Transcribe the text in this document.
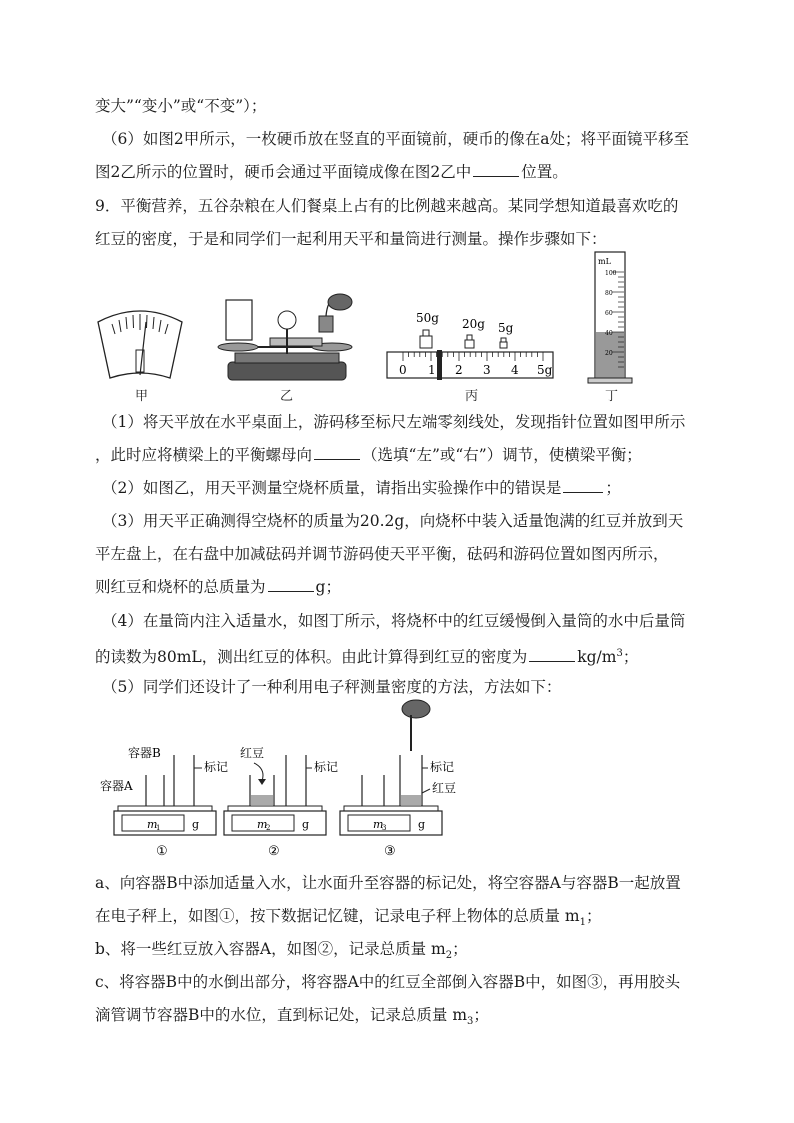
变大”“变小”或“不变”）；
（6）如图2甲所示，一枚硬币放在竖直的平面镜前，硬币的像在a处；将平面镜平移至
图2乙所示的位置时，硬币会通过平面镜成像在图2乙中	位置。
9．平衡营养，五谷杂粮在人们餐桌上占有的比例越来越高。某同学想知道最喜欢吃的
红豆的密度，于是和同学们一起利用天平和量筒进行测量。操作步骤如下：
甲	乙
50g 20g 5g
0 1 2 3 4 5g
丙
mL
100
80
60
40
20
丁
（1）将天平放在水平桌面上，游码移至标尺左端零刻线处，发现指针位置如图甲所示
，此时应将横梁上的平衡螺母向	（选填“左”或“右”）调节，使横梁平衡；
（2）如图乙，用天平测量空烧杯质量，请指出实验操作中的错误是	；
（3）用天平正确测得空烧杯的质量为20.2g，向烧杯中装入适量饱满的红豆并放到天
平左盘上，在右盘中加减砝码并调节游码使天平平衡，砝码和游码位置如图丙所示，
则红豆和烧杯的总质量为	g；
（4）在量筒内注入适量水，如图丁所示，将烧杯中的红豆缓慢倒入量筒的水中后量筒
的读数为80mL，测出红豆的体积。由此计算得到红豆的密度为	$kg/m^3$；
（5）同学们还设计了一种利用电子秤测量密度的方法，方法如下：
容器B
容器A
标记
m
1	g
①
红豆
标记
m
2	g
②
标记
红豆
m
3	g
③
a、向容器B中添加适量入水，让水面升至容器的标记处，将空容器A与容器B一起放置
在电子秤上，如图①，按下数据记忆键，记录电子秤上物体的总质量 $m_1$；
b、将一些红豆放入容器A，如图②，记录总质量 $m_2$；
c、将容器B中的水倒出部分，将容器A中的红豆全部倒入容器B中，如图③，再用胶头
滴管调节容器B中的水位，直到标记处，记录总质量 $m_3$；
